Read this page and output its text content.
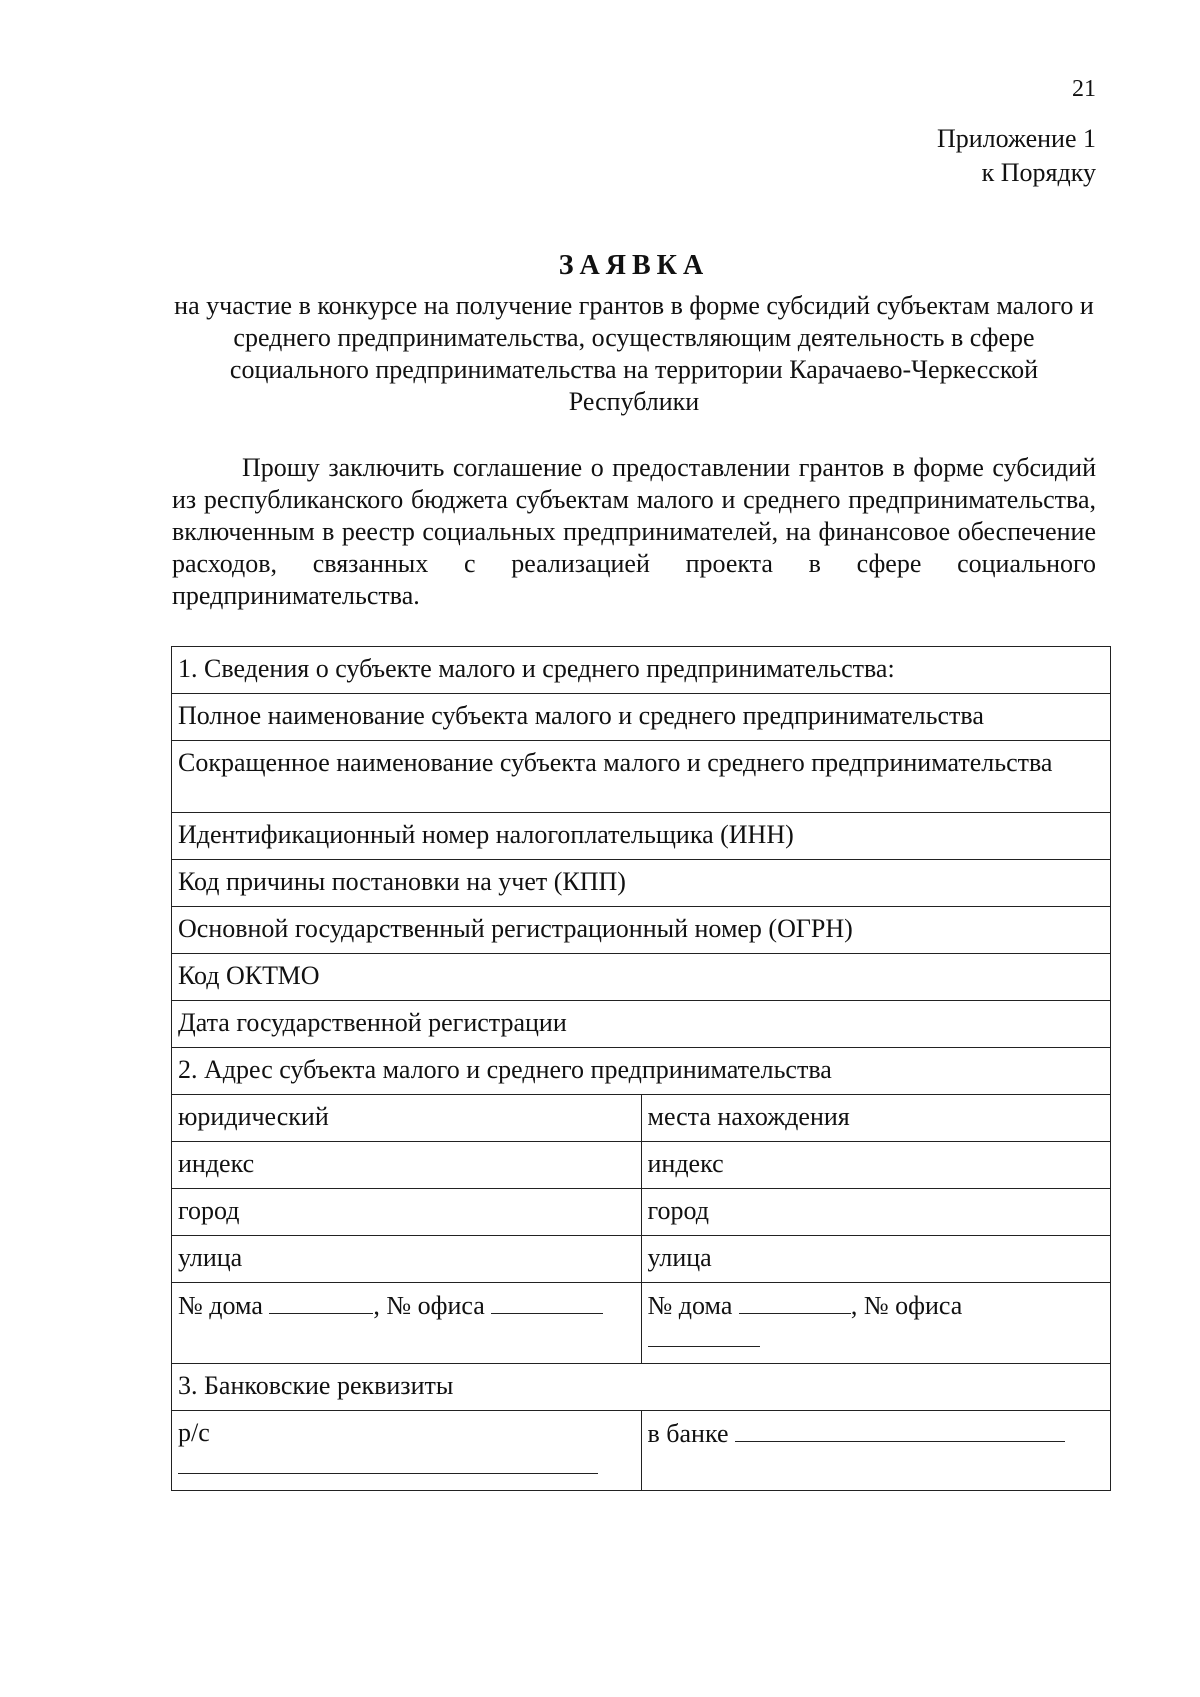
21
Приложение 1
к Порядку
ЗАЯВКА
на участие в конкурсе на получение грантов в форме субсидий субъектам малого и среднего предпринимательства, осуществляющим деятельность в сфере социального предпринимательства на территории Карачаево-Черкесской Республики

Прошу заключить соглашение о предоставлении грантов в форме субсидий из республиканского бюджета субъектам малого и среднего предпринимательства, включенным в реестр социальных предпринимателей, на финансовое обеспечение расходов, связанных с реализацией проекта в сфере социального предпринимательства.

1. Сведения о субъекте малого и среднего предпринимательства:	
Полное наименование субъекта малого и среднего предпринимательства	
Сокращенное наименование субъекта малого и среднего предпринимательства	
Идентификационный номер налогоплательщика (ИНН)	
Код причины постановки на учет (КПП)	
Основной государственный регистрационный номер (ОГРН)	
Код ОКТМО	
Дата государственной регистрации	
2. Адрес субъекта малого и среднего предпринимательства	
юридический	места нахождения
индекс	индекс
город	город
улица	улица
№ дома , № офиса	№ дома , № офиса

3. Банковские реквизиты	
р/с	в банке
